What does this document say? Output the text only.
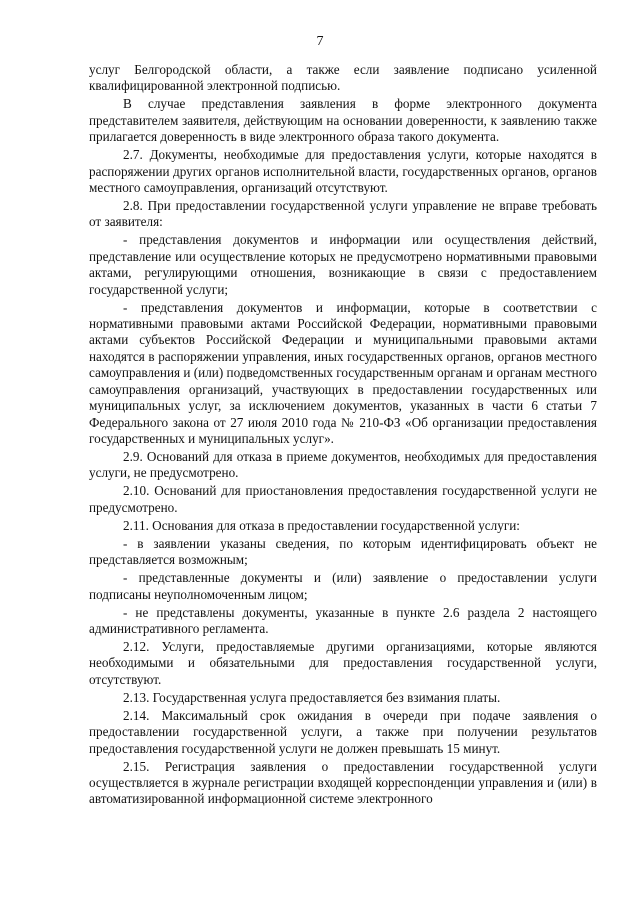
7

услуг Белгородской области, а также если заявление подписано усиленной квалифицированной электронной подписью.

В случае представления заявления в форме электронного документа представителем заявителя, действующим на основании доверенности, к заявлению также прилагается доверенность в виде электронного образа такого документа.

2.7. Документы, необходимые для предоставления услуги, которые находятся в распоряжении других органов исполнительной власти, государственных органов, органов местного самоуправления, организаций отсутствуют.

2.8. При предоставлении государственной услуги управление не вправе требовать от заявителя:

- представления документов и информации или осуществления действий, представление или осуществление которых не предусмотрено нормативными правовыми актами, регулирующими отношения, возникающие в связи с предоставлением государственной услуги;

- представления документов и информации, которые в соответствии с нормативными правовыми актами Российской Федерации, нормативными правовыми актами субъектов Российской Федерации и муниципальными правовыми актами находятся в распоряжении управления, иных государственных органов, органов местного самоуправления и (или) подведомственных государственным органам и органам местного самоуправления организаций, участвующих в предоставлении государственных или муниципальных услуг, за исключением документов, указанных в части 6 статьи 7 Федерального закона от 27 июля 2010 года № 210-ФЗ «Об организации предоставления государственных и муниципальных услуг».

2.9. Оснований для отказа в приеме документов, необходимых для предоставления услуги, не предусмотрено.

2.10. Оснований для приостановления предоставления государственной услуги не предусмотрено.

2.11. Основания для отказа в предоставлении государственной услуги:

- в заявлении указаны сведения, по которым идентифицировать объект не представляется возможным;

- представленные документы и (или) заявление о предоставлении услуги подписаны неуполномоченным лицом;

- не представлены документы, указанные в пункте 2.6 раздела 2 настоящего административного регламента.

2.12. Услуги, предоставляемые другими организациями, которые являются необходимыми и обязательными для предоставления государственной услуги, отсутствуют.

2.13. Государственная услуга предоставляется без взимания платы.

2.14. Максимальный срок ожидания в очереди при подаче заявления о предоставлении государственной услуги, а также при получении результатов предоставления государственной услуги не должен превышать 15 минут.

2.15. Регистрация заявления о предоставлении государственной услуги осуществляется в журнале регистрации входящей корреспонденции управления и (или) в автоматизированной информационной системе электронного
